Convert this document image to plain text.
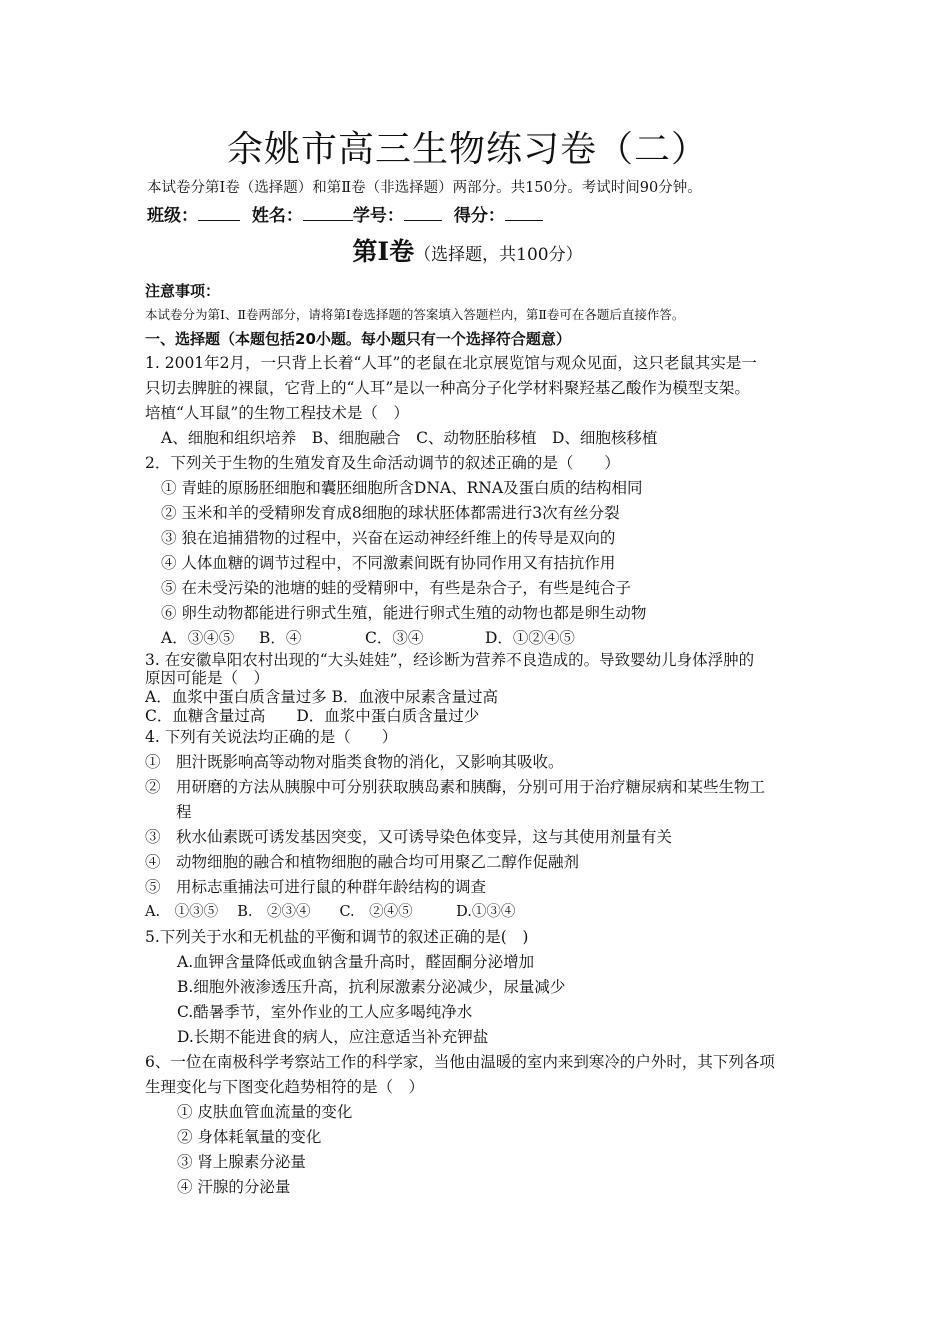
余姚市高三生物练习卷（二）
本试卷分第Ⅰ卷（选择题）和第Ⅱ卷（非选择题）两部分。共150分。考试时间90分钟。
班级：	姓名：	学号：	得分：
第Ⅰ卷（选择题，共100分）
注意事项：
本试卷分为第Ⅰ、Ⅱ卷两部分，请将第Ⅰ卷选择题的答案填入答题栏内，第Ⅱ卷可在各题后直接作答。
一、选择题（本题包括20小题。每小题只有一个选择符合题意）
1. 2001年2月，一只背上长着“人耳”的老鼠在北京展览馆与观众见面，这只老鼠其实是一
只切去脾脏的裸鼠，它背上的“人耳”是以一种高分子化学材料聚羟基乙酸作为模型支架。
培植“人耳鼠”的生物工程技术是（　）
A、细胞和组织培养　B、细胞融合　C、动物胚胎移植　D、细胞核移植
2．下列关于生物的生殖发育及生命活动调节的叙述正确的是（　　）
① 青蛙的原肠胚细胞和囊胚细胞所含DNA、RNA及蛋白质的结构相同
② 玉米和羊的受精卵发育成8细胞的球状胚体都需进行3次有丝分裂
③ 狼在追捕猎物的过程中，兴奋在运动神经纤维上的传导是双向的
④ 人体血糖的调节过程中，不同激素间既有协同作用又有拮抗作用
⑤ 在未受污染的池塘的蛙的受精卵中，有些是杂合子，有些是纯合子
⑥ 卵生动物都能进行卵式生殖，能进行卵式生殖的动物也都是卵生动物
A．③④⑤ B．④	C．③④	D．①②④⑤
3. 在安徽阜阳农村出现的“大头娃娃”，经诊断为营养不良造成的。导致婴幼儿身体浮肿的
原因可能是（　）
A．血浆中蛋白质含量过多 B．血液中尿素含量过高
C．血糖含量过高　　D．血浆中蛋白质含量过少
4. 下列有关说法均正确的是（　　）
①　胆汁既影响高等动物对脂类食物的消化，又影响其吸收。
②　用研磨的方法从胰腺中可分别获取胰岛素和胰酶，分别可用于治疗糖尿病和某些生物工
　　程
③　秋水仙素既可诱发基因突变，又可诱导染色体变异，这与其使用剂量有关
④　动物细胞的融合和植物细胞的融合均可用聚乙二醇作促融剂
⑤　用标志重捕法可进行鼠的种群年龄结构的调查
A.　①③⑤　 B.　②③④　　C.　②④⑤　　　D.①③④
5.下列关于水和无机盐的平衡和调节的叙述正确的是(　)
A.血钾含量降低或血钠含量升高时，醛固酮分泌增加
B.细胞外液渗透压升高，抗利尿激素分泌减少，尿量减少
C.酷暑季节，室外作业的工人应多喝纯净水
D.长期不能进食的病人，应注意适当补充钾盐
6、一位在南极科学考察站工作的科学家，当他由温暖的室内来到寒冷的户外时，其下列各项
生理变化与下图变化趋势相符的是（　）
① 皮肤血管血流量的变化
② 身体耗氧量的变化
③ 肾上腺素分泌量
④ 汗腺的分泌量
